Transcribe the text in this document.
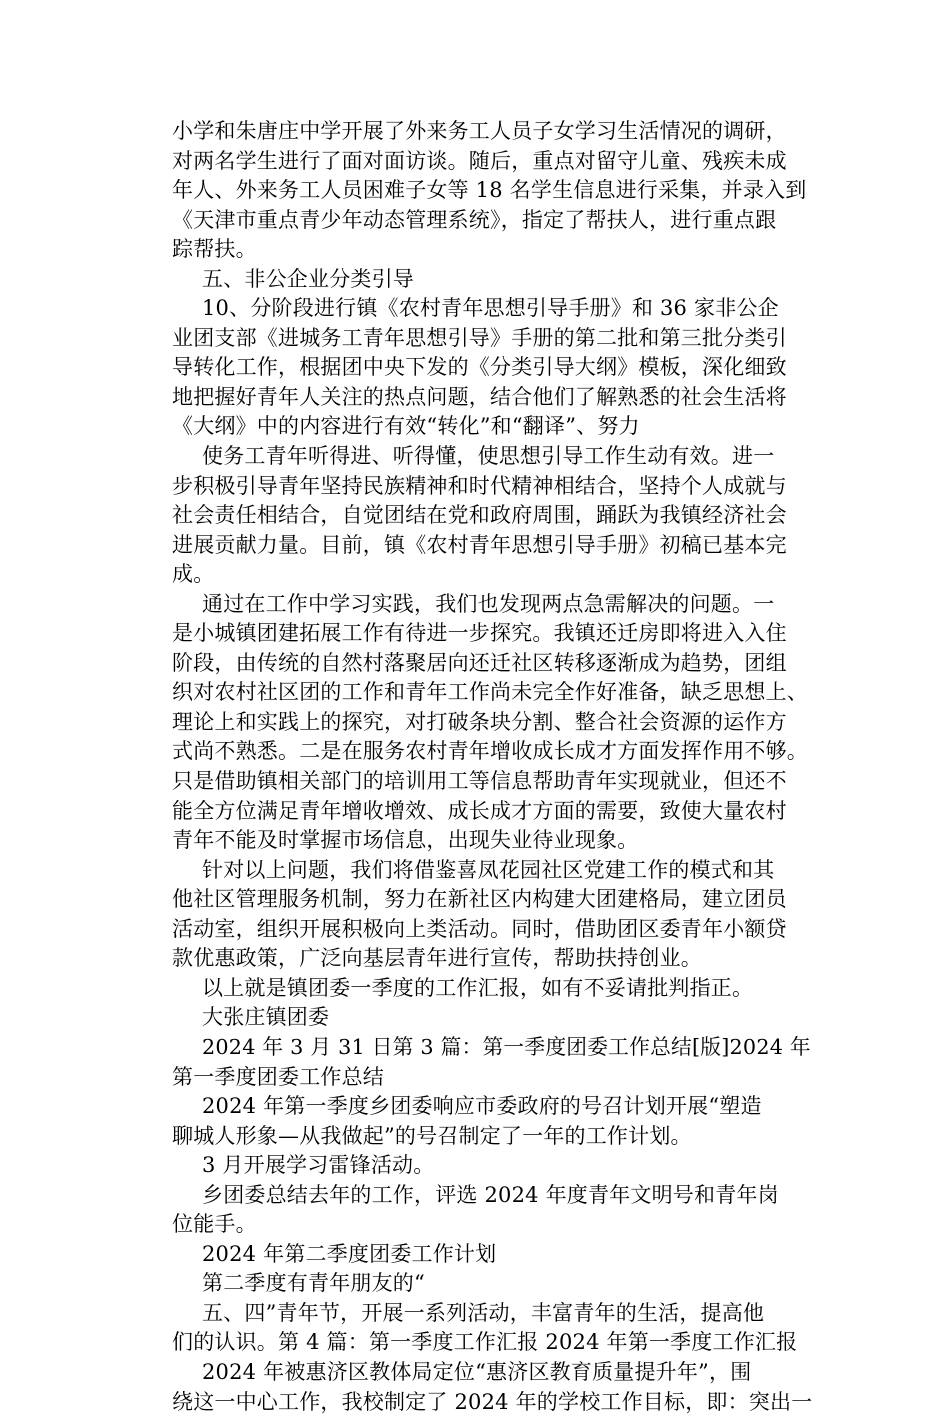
小学和朱唐庄中学开展了外来务工人员子女学习生活情况的调研，
对两名学生进行了面对面访谈。随后，重点对留守儿童、残疾未成
年人、外来务工人员困难子女等 18 名学生信息进行采集，并录入到
《天津市重点青少年动态管理系统》，指定了帮扶人，进行重点跟
踪帮扶。
五、非公企业分类引导
10、分阶段进行镇《农村青年思想引导手册》和 36 家非公企
业团支部《进城务工青年思想引导》手册的第二批和第三批分类引
导转化工作，根据团中央下发的《分类引导大纲》模板，深化细致
地把握好青年人关注的热点问题，结合他们了解熟悉的社会生活将
《大纲》中的内容进行有效“转化”和“翻译”、努力
使务工青年听得进、听得懂，使思想引导工作生动有效。进一
步积极引导青年坚持民族精神和时代精神相结合，坚持个人成就与
社会责任相结合，自觉团结在党和政府周围，踊跃为我镇经济社会
进展贡献力量。目前，镇《农村青年思想引导手册》初稿已基本完
成。
通过在工作中学习实践，我们也发现两点急需解决的问题。一
是小城镇团建拓展工作有待进一步探究。我镇还迁房即将进入入住
阶段，由传统的自然村落聚居向还迁社区转移逐渐成为趋势，团组
织对农村社区团的工作和青年工作尚未完全作好准备，缺乏思想上、
理论上和实践上的探究，对打破条块分割、整合社会资源的运作方
式尚不熟悉。二是在服务农村青年增收成长成才方面发挥作用不够。
只是借助镇相关部门的培训用工等信息帮助青年实现就业，但还不
能全方位满足青年增收增效、成长成才方面的需要，致使大量农村
青年不能及时掌握市场信息，出现失业待业现象。
针对以上问题，我们将借鉴喜凤花园社区党建工作的模式和其
他社区管理服务机制，努力在新社区内构建大团建格局，建立团员
活动室，组织开展积极向上类活动。同时，借助团区委青年小额贷
款优惠政策，广泛向基层青年进行宣传，帮助扶持创业。
以上就是镇团委一季度的工作汇报，如有不妥请批判指正。
大张庄镇团委
2024 年 3 月 31 日第 3 篇：第一季度团委工作总结[版]2024 年
第一季度团委工作总结
2024 年第一季度乡团委响应市委政府的号召计划开展“塑造
聊城人形象—从我做起”的号召制定了一年的工作计划。
3 月开展学习雷锋活动。
乡团委总结去年的工作，评选 2024 年度青年文明号和青年岗
位能手。
2024 年第二季度团委工作计划
第二季度有青年朋友的“
五、四”青年节，开展一系列活动，丰富青年的生活，提高他
们的认识。第 4 篇：第一季度工作汇报 2024 年第一季度工作汇报
2024 年被惠济区教体局定位“惠济区教育质量提升年”，围
绕这一中心工作，我校制定了 2024 年的学校工作目标，即：突出一
